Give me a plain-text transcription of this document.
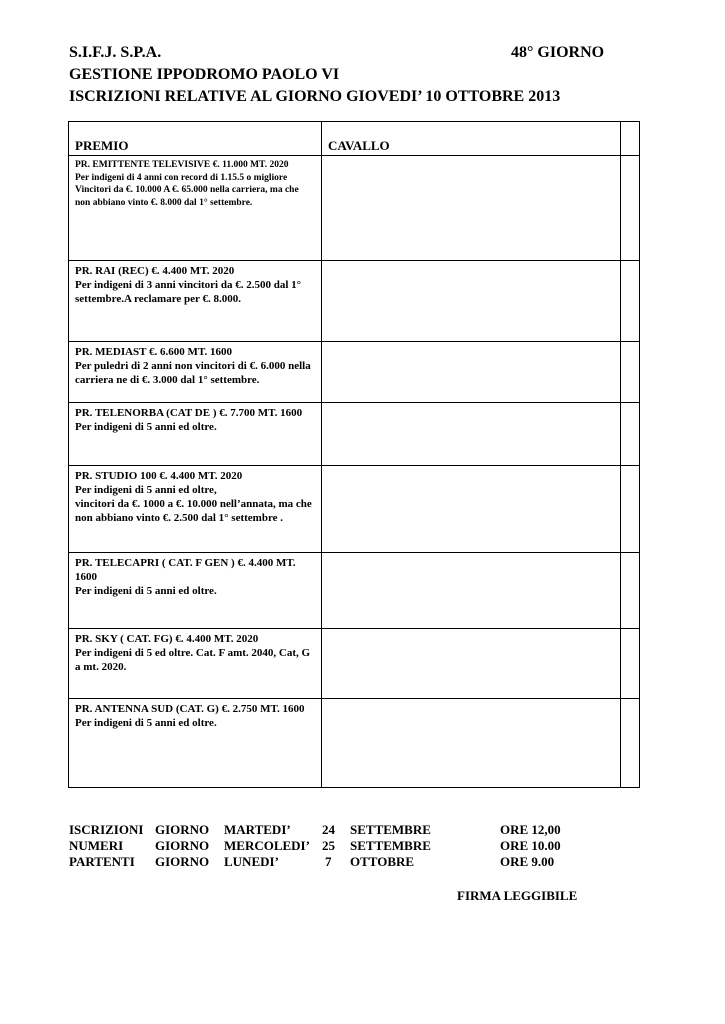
S.I.F.J. S.P.A.	48° GIORNO
GESTIONE IPPODROMO PAOLO VI
ISCRIZIONI RELATIVE AL GIORNO GIOVEDI’ 10 OTTOBRE 2013
PREMIO	CAVALLO	

PR. EMITTENTE TELEVISIVE €. 11.000 MT. 2020
Per indigeni di 4 anni con record di 1.15.5 o migliore
Vincitori da €. 10.000 A €. 65.000 nella carriera, ma che non abbiano vinto €. 8.000 dal 1° settembre.		

PR. RAI (REC) €. 4.400 MT. 2020
Per indigeni di 3 anni vincitori da €. 2.500 dal 1° settembre.A reclamare per €. 8.000.		

PR. MEDIAST €. 6.600 MT. 1600
Per puledri di 2 anni non vincitori di €. 6.000 nella carriera ne di €. 3.000 dal 1° settembre.		

PR. TELENORBA (CAT DE ) €. 7.700 MT. 1600
Per indigeni di 5 anni ed oltre.		

PR. STUDIO 100 €. 4.400 MT. 2020
Per indigeni di 5 anni ed oltre,
vincitori da €. 1000 a €. 10.000 nell’annata, ma che non abbiano vinto €. 2.500 dal 1° settembre .		

PR. TELECAPRI ( CAT. F GEN ) €. 4.400 MT. 1600
Per indigeni di 5 anni ed oltre.		

PR. SKY ( CAT. FG) €. 4.400 MT. 2020
Per indigeni di 5 ed oltre. Cat. F amt. 2040, Cat, G a mt. 2020.		

PR. ANTENNA SUD (CAT. G) €. 2.750 MT. 1600
Per indigeni di 5 anni ed oltre.		

ISCRIZIONI GIORNO MARTEDI’ 24 SETTEMBRE	ORE 12,00
NUMERI GIORNO MERCOLEDI’ 25 SETTEMBRE	ORE 10.00
PARTENTI GIORNO LUNEDI’	7 OTTOBRE	ORE 9.00
FIRMA LEGGIBILE
